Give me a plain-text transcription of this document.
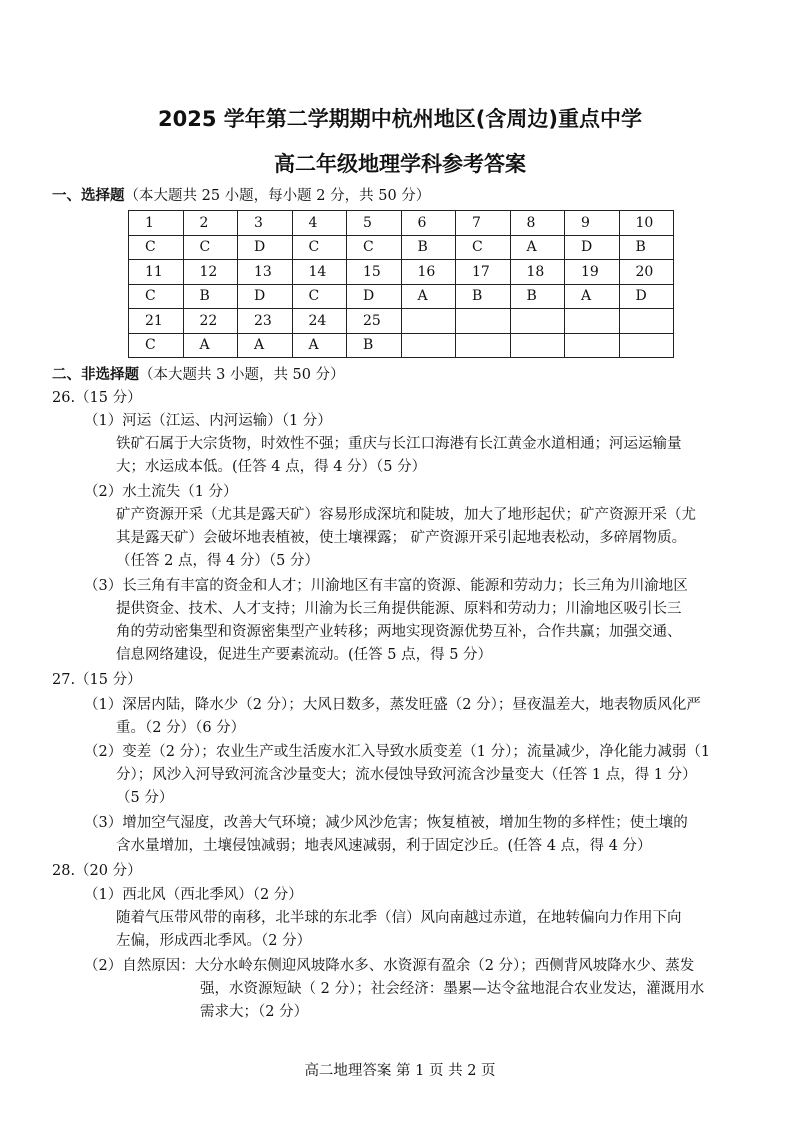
2025 学年第二学期期中杭州地区(含周边)重点中学
高二年级地理学科参考答案
一、选择题（本大题共 25 小题，每小题 2 分，共 50 分）
1	2	3	4	5	6	7	8	9	10
C	C	D	C	C	B	C	A	D	B
11	12	13	14	15	16	17	18	19	20
C	B	D	C	D	A	B	B	A	D
21	22	23	24	25					
C	A	A	A	B					
二、非选择题（本大题共 3 小题，共 50 分）
26.（15 分）
（1）河运（江运、内河运输）（1 分）
铁矿石属于大宗货物，时效性不强；重庆与长江口海港有长江黄金水道相通；河运运输量
大；水运成本低。(任答 4 点，得 4 分）（5 分）
（2）水土流失（1 分）
矿产资源开采（尤其是露天矿）容易形成深坑和陡坡，加大了地形起伏；矿产资源开采（尤
其是露天矿）会破坏地表植被，使土壤裸露； 矿产资源开采引起地表松动，多碎屑物质。
（任答 2 点，得 4 分）（5 分）
（3）长三角有丰富的资金和人才；川渝地区有丰富的资源、能源和劳动力；长三角为川渝地区
提供资金、技术、人才支持；川渝为长三角提供能源、原料和劳动力；川渝地区吸引长三
角的劳动密集型和资源密集型产业转移；两地实现资源优势互补，合作共赢；加强交通、
信息网络建设，促进生产要素流动。(任答 5 点，得 5 分）
27.（15 分）
（1）深居内陆，降水少（2 分）；大风日数多，蒸发旺盛（2 分）；昼夜温差大，地表物质风化严
重。（2 分）（6 分）
（2）变差（2 分）；农业生产或生活废水汇入导致水质变差（1 分）；流量减少，净化能力减弱（1
分）；风沙入河导致河流含沙量变大；流水侵蚀导致河流含沙量变大（任答 1 点，得 1 分）
（5 分）
（3）增加空气湿度，改善大气环境；减少风沙危害；恢复植被，增加生物的多样性；使土壤的
含水量增加，土壤侵蚀减弱；地表风速减弱，利于固定沙丘。(任答 4 点，得 4 分）
28.（20 分）
（1）西北风（西北季风）（2 分）
随着气压带风带的南移，北半球的东北季（信）风向南越过赤道，在地转偏向力作用下向
左偏，形成西北季风。（2 分）
（2）自然原因：大分水岭东侧迎风坡降水多、水资源有盈余（2 分）；西侧背风坡降水少、蒸发
强，水资源短缺（ 2 分）；社会经济：墨累—达令盆地混合农业发达，灌溉用水
需求大；（2 分）
高二地理答案 第 1 页 共 2 页
